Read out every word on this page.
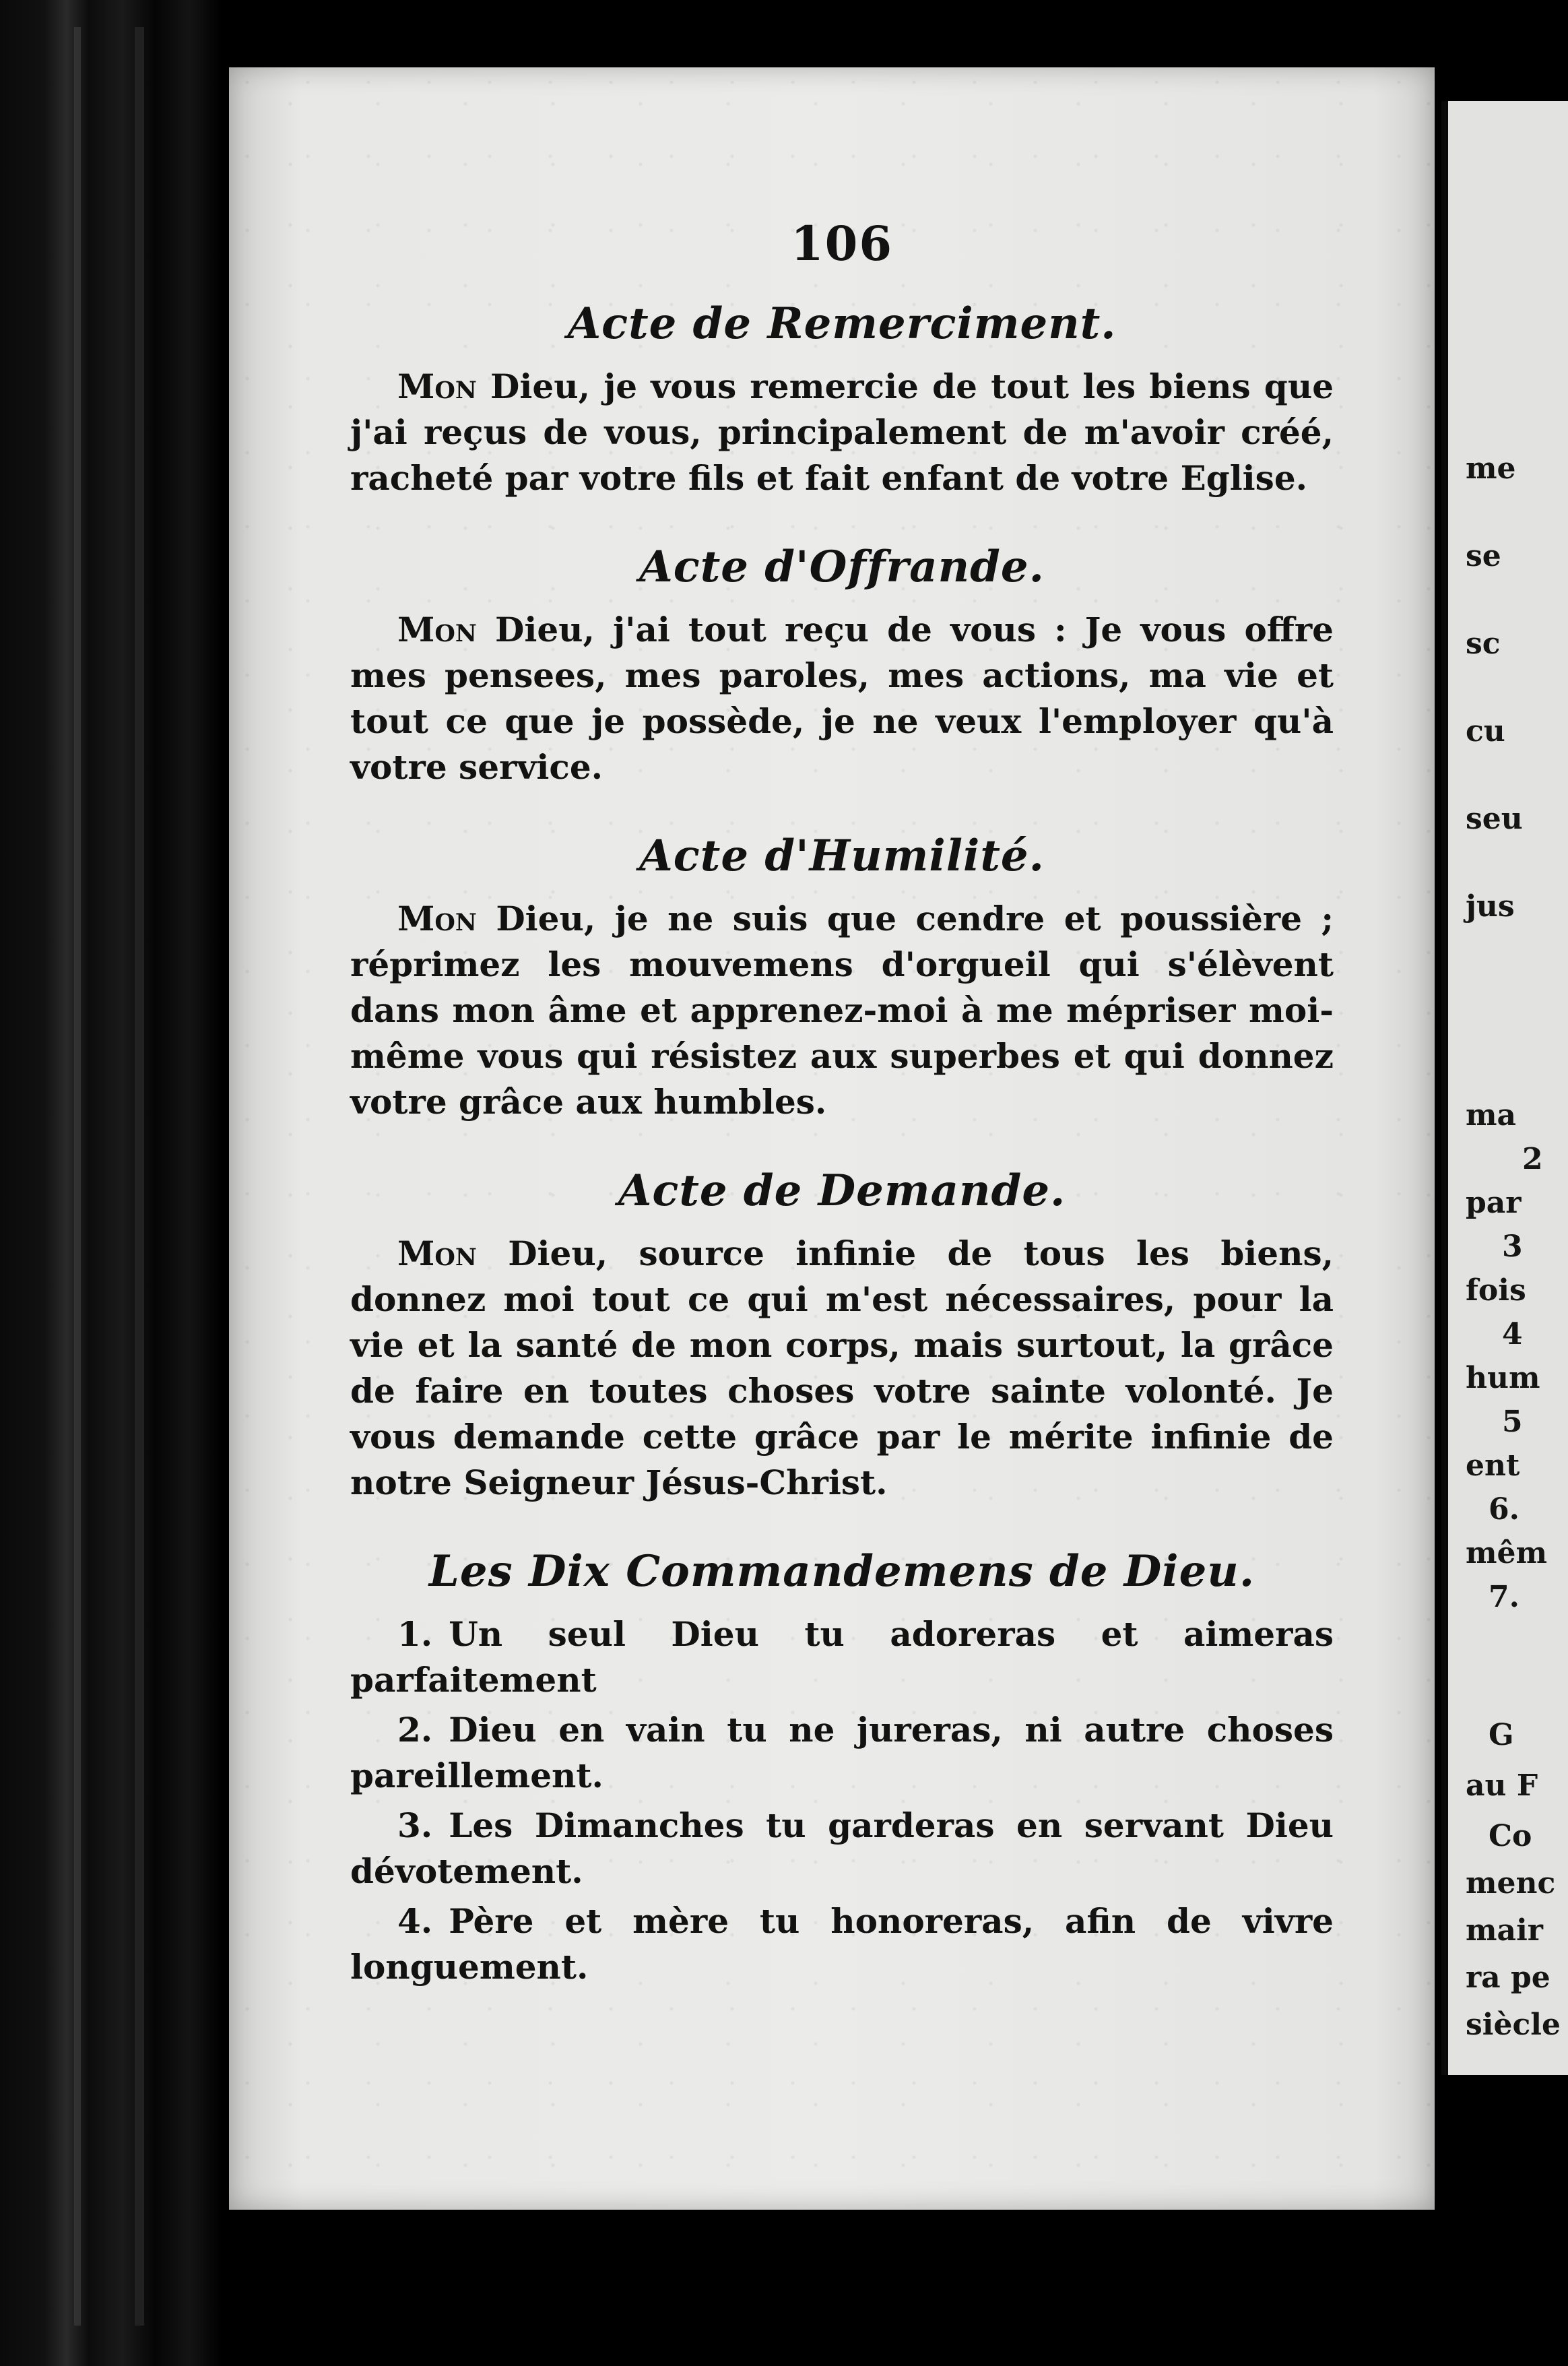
me
se
sc
cu
seu
jus
ma
2
par
3
fois
4
hum
5
ent
6.
mêm
7.
G
au F
Co
menc
mair
ra pe
siècle
106
Acte de Remerciment.

Mon Dieu, je vous remercie de tout les biens que j'ai reçus de vous, principalement de m'avoir créé, racheté par votre fils et fait enfant de votre Eglise.

Acte d'Offrande.

Mon Dieu, j'ai tout reçu de vous : Je vous offre mes pensees, mes paroles, mes actions, ma vie et tout ce que je possède, je ne veux l'employer qu'à votre service.

Acte d'Humilité.

Mon Dieu, je ne suis que cendre et poussière ; réprimez les mouvemens d'orgueil qui s'élèvent dans mon âme et apprenez-moi à me mépriser moi-même vous qui résistez aux superbes et qui donnez votre grâce aux humbles.

Acte de Demande.

Mon Dieu, source infinie de tous les biens, donnez moi tout ce qui m'est nécessaires, pour la vie et la santé de mon corps, mais surtout, la grâce de faire en toutes choses votre sainte volonté. Je vous demande cette grâce par le mérite infinie de notre Seigneur Jésus-Christ.

Les Dix Commandemens de Dieu.
1. Un seul Dieu tu adoreras et aimeras parfaitement
2. Dieu en vain tu ne jureras, ni autre choses pareillement.
3. Les Dimanches tu garderas en servant Dieu dévotement.
4. Père et mère tu honoreras, afin de vivre longuement.
